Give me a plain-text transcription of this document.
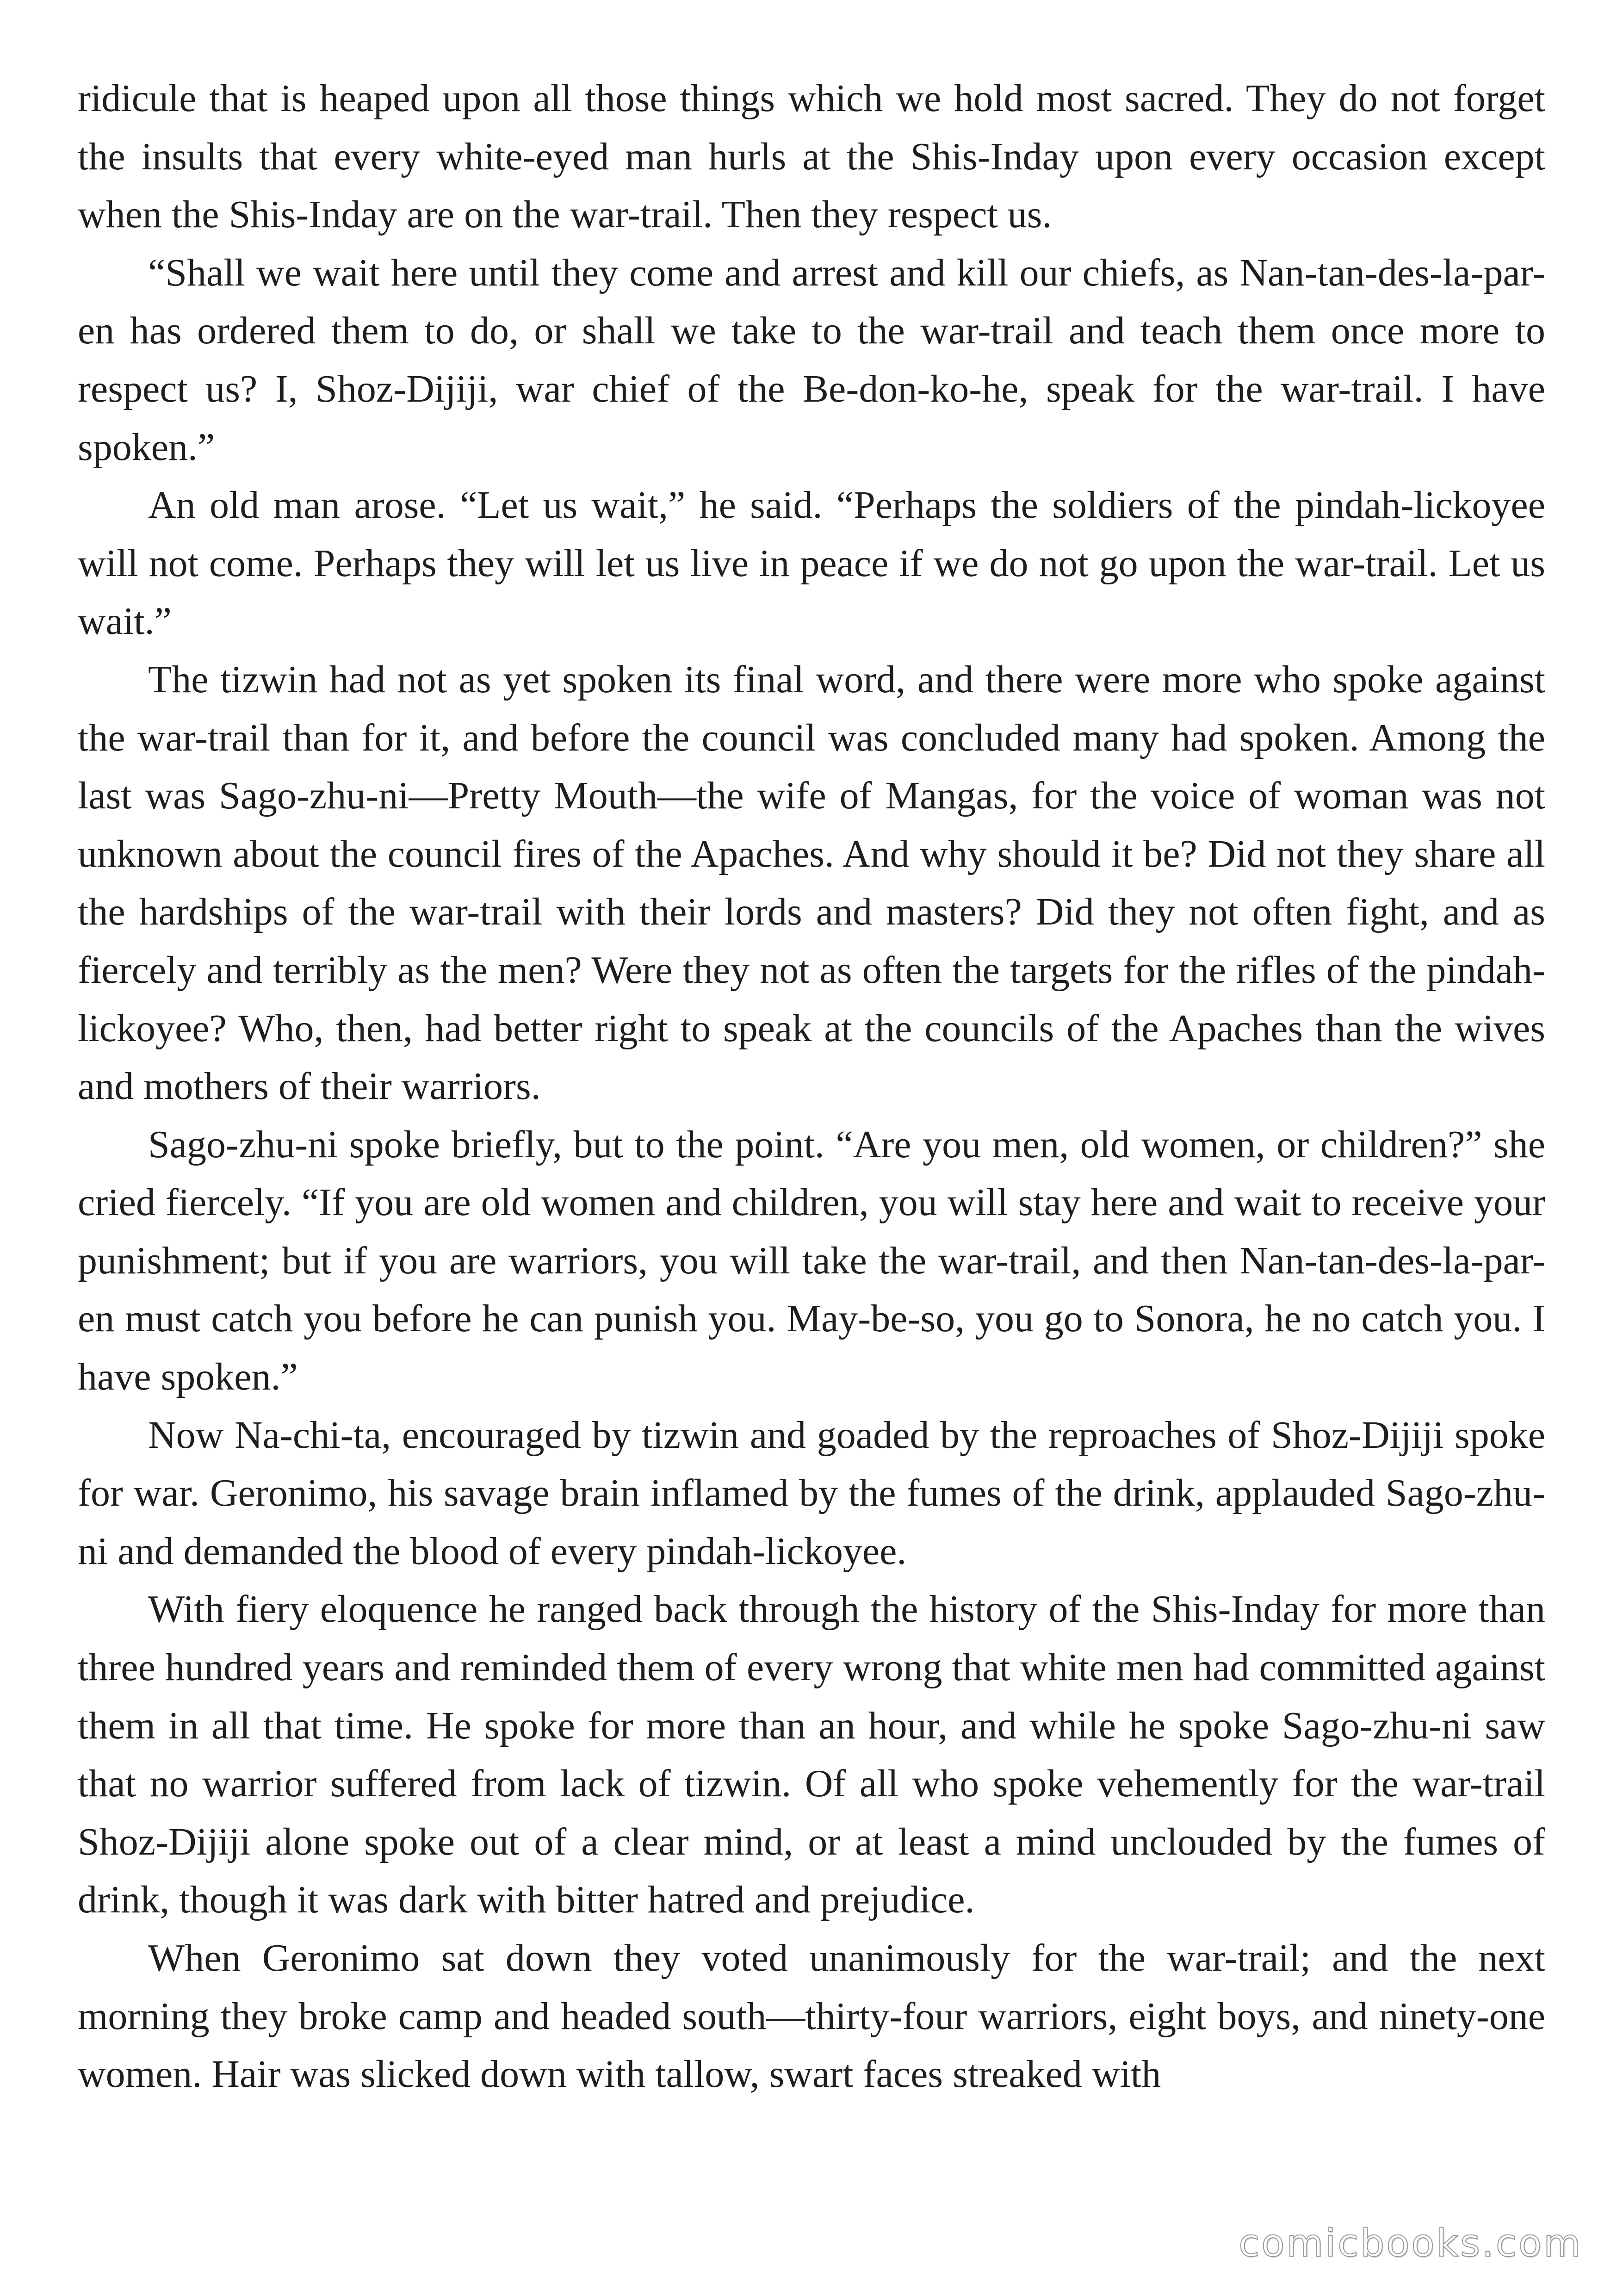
ridicule that is heaped upon all those things which we hold most sacred. They do not forget the insults that every white-eyed man hurls at the Shis-Inday upon every occasion except when the Shis-Inday are on the war-trail. Then they respect us.

“Shall we wait here until they come and arrest and kill our chiefs, as Nan-tan-des-la-par-en has ordered them to do, or shall we take to the war-trail and teach them once more to respect us? I, Shoz-Dijiji, war chief of the Be-don-ko-he, speak for the war-trail. I have spoken.”

An old man arose. “Let us wait,” he said. “Perhaps the soldiers of the pindah-lickoyee will not come. Perhaps they will let us live in peace if we do not go upon the war-trail. Let us wait.”

The tizwin had not as yet spoken its final word, and there were more who spoke against the war-trail than for it, and before the council was concluded many had spoken. Among the last was Sago-zhu-ni—Pretty Mouth—the wife of Mangas, for the voice of woman was not unknown about the council fires of the Apaches. And why should it be? Did not they share all the hardships of the war-trail with their lords and masters? Did they not often fight, and as fiercely and terribly as the men? Were they not as often the targets for the rifles of the pindah-lickoyee? Who, then, had better right to speak at the councils of the Apaches than the wives and mothers of their warriors.

Sago-zhu-ni spoke briefly, but to the point. “Are you men, old women, or children?” she cried fiercely. “If you are old women and children, you will stay here and wait to receive your punishment; but if you are warriors, you will take the war-trail, and then Nan-tan-des-la-par-en must catch you before he can punish you. May-be-so, you go to Sonora, he no catch you. I have spoken.”

Now Na-chi-ta, encouraged by tizwin and goaded by the reproaches of Shoz-Dijiji spoke for war. Geronimo, his savage brain inflamed by the fumes of the drink, applauded Sago-zhu-ni and demanded the blood of every pindah-lickoyee.

With fiery eloquence he ranged back through the history of the Shis-Inday for more than three hundred years and reminded them of every wrong that white men had committed against them in all that time. He spoke for more than an hour, and while he spoke Sago-zhu-ni saw that no warrior suffered from lack of tizwin. Of all who spoke vehemently for the war-trail Shoz-Dijiji alone spoke out of a clear mind, or at least a mind unclouded by the fumes of drink, though it was dark with bitter hatred and prejudice.

When Geronimo sat down they voted unanimously for the war-trail; and the next morning they broke camp and headed south—thirty-four warriors, eight boys, and ninety-one women. Hair was slicked down with tallow, swart faces streaked with

comicbooks.com
